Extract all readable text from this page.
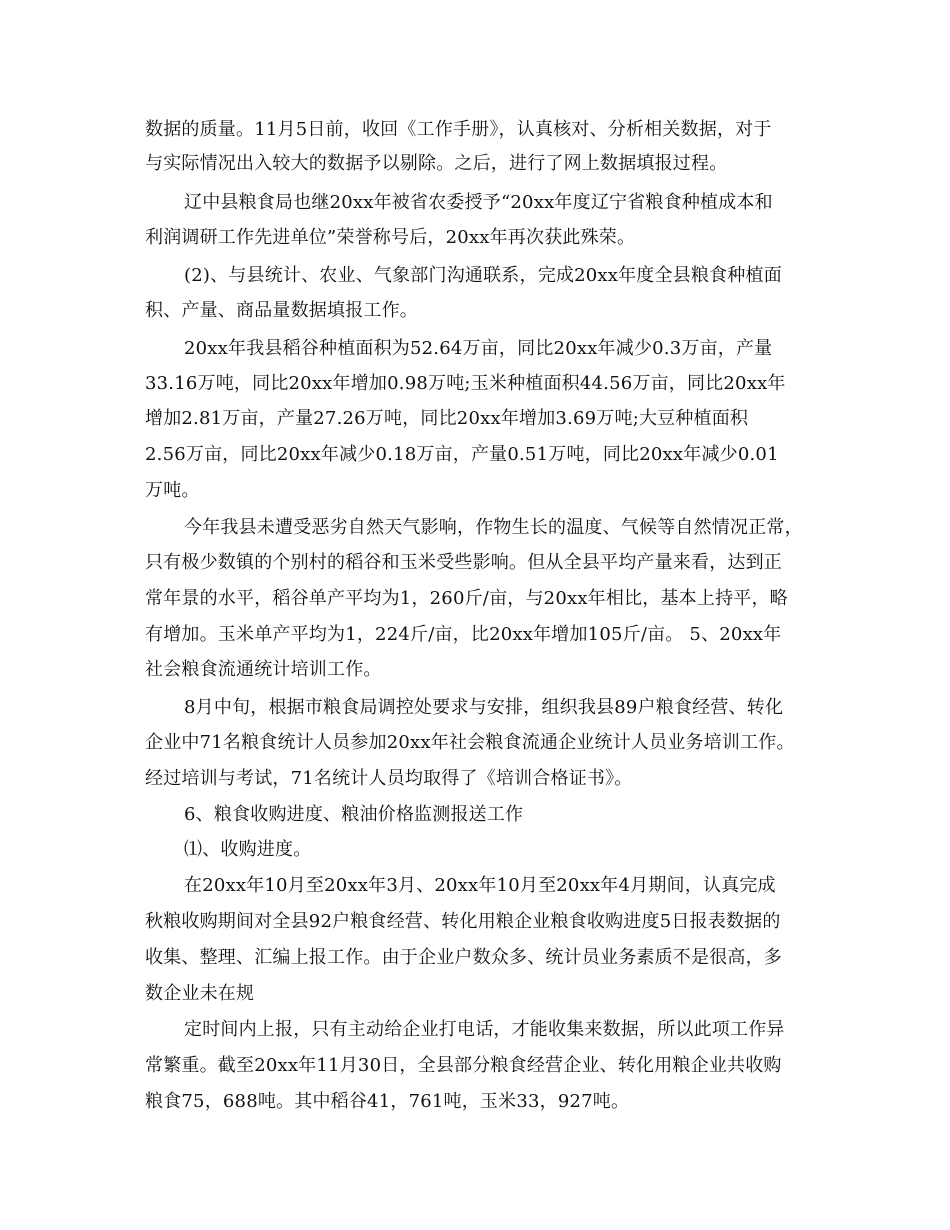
数据的质量。11月5日前，收回《工作手册》，认真核对、分析相关数据，对于
与实际情况出入较大的数据予以剔除。之后，进行了网上数据填报过程。
辽中县粮食局也继20xx年被省农委授予“20xx年度辽宁省粮食种植成本和
利润调研工作先进单位”荣誉称号后，20xx年再次获此殊荣。
(2)、与县统计、农业、气象部门沟通联系，完成20xx年度全县粮食种植面
积、产量、商品量数据填报工作。
20xx年我县稻谷种植面积为52.64万亩，同比20xx年减少0.3万亩，产量
33.16万吨，同比20xx年增加0.98万吨;玉米种植面积44.56万亩，同比20xx年
增加2.81万亩，产量27.26万吨，同比20xx年增加3.69万吨;大豆种植面积
2.56万亩，同比20xx年减少0.18万亩，产量0.51万吨，同比20xx年减少0.01
万吨。
今年我县未遭受恶劣自然天气影响，作物生长的温度、气候等自然情况正常，
只有极少数镇的个别村的稻谷和玉米受些影响。但从全县平均产量来看，达到正
常年景的水平，稻谷单产平均为1，260斤/亩，与20xx年相比，基本上持平，略
有增加。玉米单产平均为1，224斤/亩，比20xx年增加105斤/亩。 5、20xx年
社会粮食流通统计培训工作。
8月中旬，根据市粮食局调控处要求与安排，组织我县89户粮食经营、转化
企业中71名粮食统计人员参加20xx年社会粮食流通企业统计人员业务培训工作。
经过培训与考试，71名统计人员均取得了《培训合格证书》。
6、粮食收购进度、粮油价格监测报送工作
⑴、收购进度。
在20xx年10月至20xx年3月、20xx年10月至20xx年4月期间，认真完成
秋粮收购期间对全县92户粮食经营、转化用粮企业粮食收购进度5日报表数据的
收集、整理、汇编上报工作。由于企业户数众多、统计员业务素质不是很高，多
数企业未在规
定时间内上报，只有主动给企业打电话，才能收集来数据，所以此项工作异
常繁重。截至20xx年11月30日，全县部分粮食经营企业、转化用粮企业共收购
粮食75，688吨。其中稻谷41，761吨，玉米33，927吨。
